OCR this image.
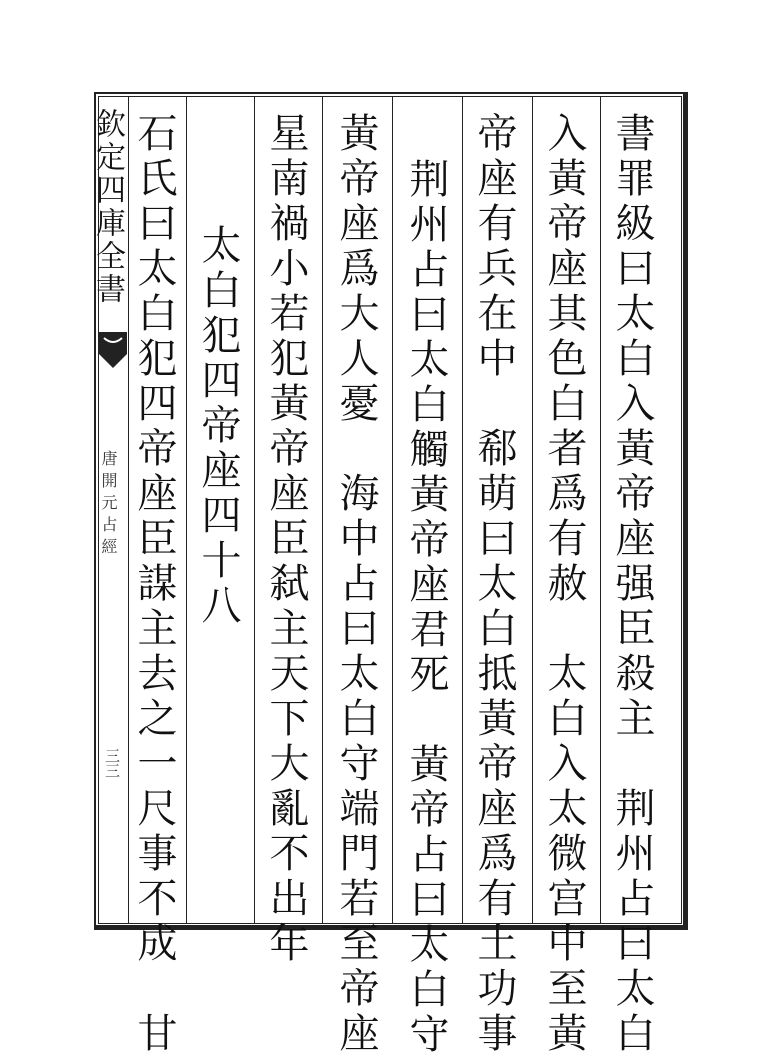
欽定四庫全書
唐開元占經
三三	書罪級曰太白入黃帝座强臣殺主　荆州占曰太白
入黃帝座其色白者爲有赦　太白入太微宫中至黃
帝座有兵在中　郗萌曰太白抵黃帝座爲有土功事
荆州占曰太白觸黃帝座君死　黃帝占曰太白守
黃帝座爲大人憂　海中占曰太白守端門若至帝座
星南禍小若犯黃帝座臣弑主天下大亂不出年
太白犯四帝座四十八
石氏曰太白犯四帝座臣謀主去之一尺事不成　甘
